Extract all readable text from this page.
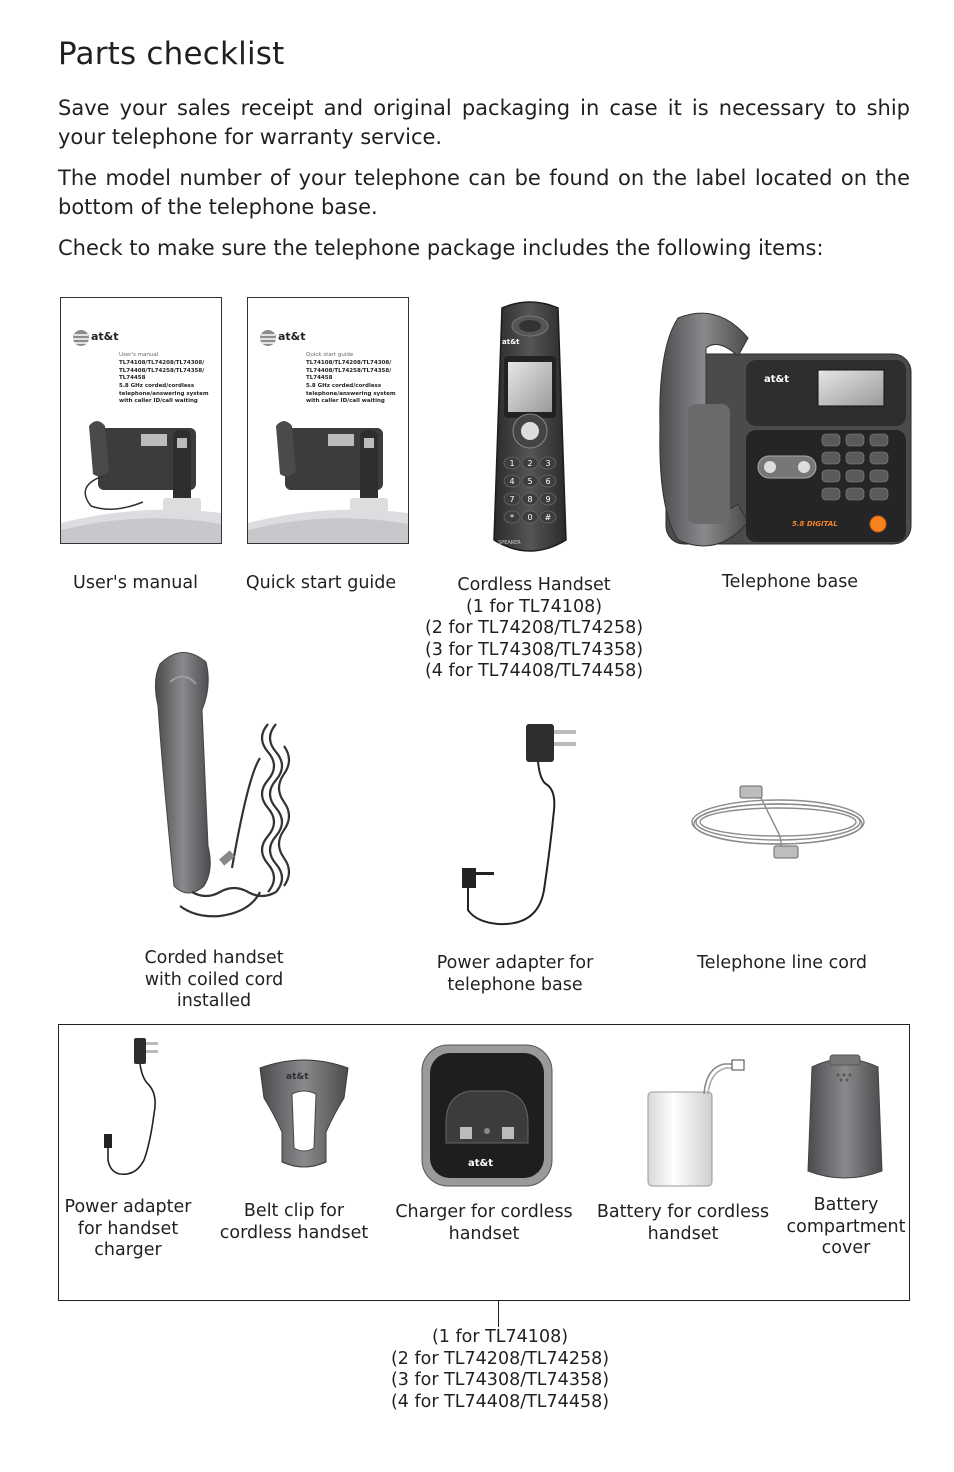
Parts checklist

Save your sales receipt and original packaging in case it is necessary to ship your telephone for warranty service.

The model number of your telephone can be found on the label located on the bottom of the telephone base.

Check to make sure the telephone package includes the following items:

at&t
User's manual
TL74108/TL74208/TL74308/ TL74408/TL74258/TL74358/ TL74458
5.8 GHz corded/cordless telephone/answering system with caller ID/call waiting
at&t
Quick start guide
TL74108/TL74208/TL74308/ TL74408/TL74258/TL74358/ TL74458
5.8 GHz corded/cordless telephone/answering system with caller ID/call waiting
1 2 3
4 5 6
7 8 9
* 0 #
at&t
SPEAKER
at&t
5.8 DIGITAL
User's manual	Quick start guide	Cordless Handset
(1 for TL74108)
(2 for TL74208/TL74258)
(3 for TL74308/TL74358)
(4 for TL74408/TL74458)
Telephone base
Corded handset
with coiled cord
installed
Power adapter for
telephone base
Telephone line cord
at&t
at&t
Power adapter
for handset
charger
Belt clip for
cordless handset
Charger for cordless
handset
Battery for cordless
handset
Battery
compartment
cover
(1 for TL74108)
(2 for TL74208/TL74258)
(3 for TL74308/TL74358)
(4 for TL74408/TL74458)
